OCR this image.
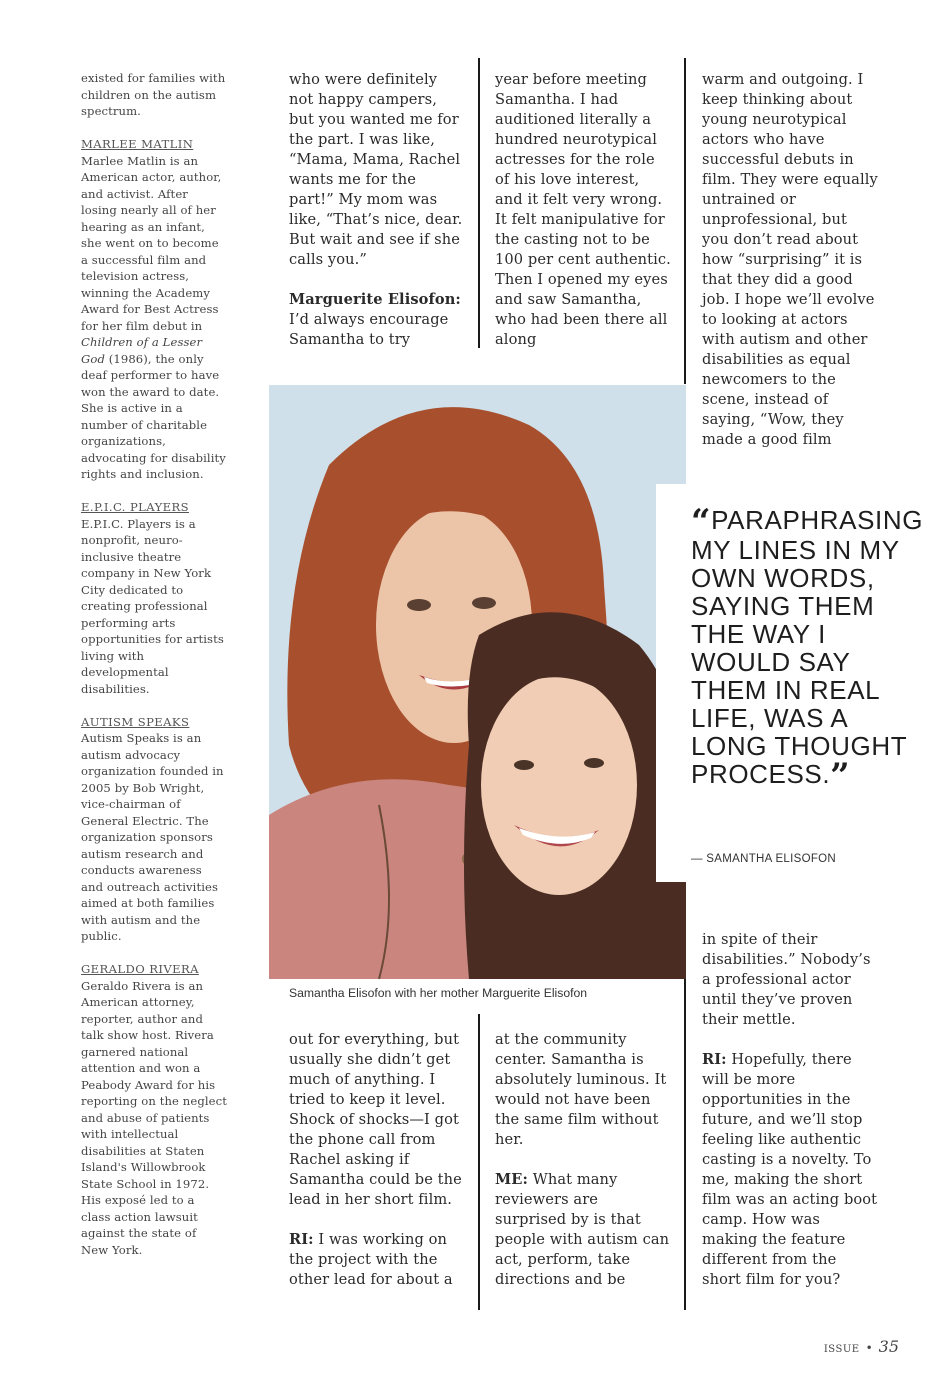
existed for families with children on the autism spectrum.

MARLEE MATLIN
Marlee Matlin is an American actor, author, and activist. After losing nearly all of her hearing as an infant, she went on to become a successful film and television actress, winning the Academy Award for Best Actress for her film debut in Children of a Lesser God (1986), the only deaf performer to have won the award to date. She is active in a number of charitable organizations, advocating for disability rights and inclusion.

E.P.I.C. PLAYERS
E.P.I.C. Players is a nonprofit, neuro-inclusive theatre company in New York City dedicated to creating professional performing arts opportunities for artists living with developmental disabilities.

AUTISM SPEAKS
Autism Speaks is an autism advocacy organization founded in 2005 by Bob Wright, vice-chairman of General Electric. The organization sponsors autism research and conducts awareness and outreach activities aimed at both families with autism and the public.

GERALDO RIVERA
Geraldo Rivera is an American attorney, reporter, author and talk show host. Rivera garnered national attention and won a Peabody Award for his reporting on the neglect and abuse of patients with intellectual disabilities at Staten Island's Willowbrook State School in 1972. His exposé led to a class action lawsuit against the state of New York.

who were definitely not happy campers, but you wanted me for the part. I was like, “Mama, Mama, Rachel wants me for the part!” My mom was like, “That’s nice, dear. But wait and see if she calls you.”

Marguerite Elisofon: I’d always encourage Samantha to try

year before meeting Samantha. I had auditioned literally a hundred neurotypical actresses for the role of his love interest, and it felt very wrong. It felt manipulative for the casting not to be 100 per cent authentic. Then I opened my eyes and saw Samantha, who had been there all along

warm and outgoing. I keep thinking about young neurotypical actors who have successful debuts in film. They were equally untrained or unprofessional, but you don’t read about how “surprising” it is that they did a good job. I hope we’ll evolve to looking at actors with autism and other disabilities as equal newcomers to the scene, instead of saying, “Wow, they made a good film

Samantha Elisofon with her mother Marguerite Elisofon
“PARAPHRASING MY LINES IN MY OWN WORDS, SAYING THEM THE WAY I WOULD SAY THEM IN REAL LIFE, WAS A LONG THOUGHT PROCESS.”
— SAMANTHA ELISOFON

out for everything, but usually she didn’t get much of anything. I tried to keep it level. Shock of shocks—I got the phone call from Rachel asking if Samantha could be the lead in her short film.

RI: I was working on the project with the other lead for about a

at the community center. Samantha is absolutely luminous. It would not have been the same film without her.

ME: What many reviewers are surprised by is that people with autism can act, perform, take directions and be

in spite of their disabilities.” Nobody’s a professional actor until they’ve proven their mettle.

RI: Hopefully, there will be more opportunities in the future, and we’ll stop feeling like authentic casting is a novelty. To me, making the short film was an acting boot camp. How was making the feature different from the short film for you?

ISSUE • 35
